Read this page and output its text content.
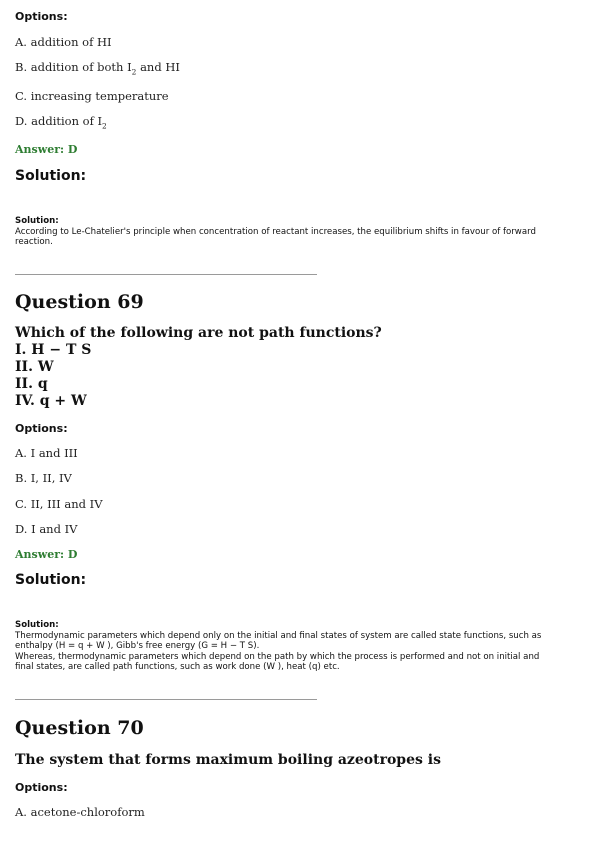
Options:
A. addition of HI
B. addition of both $I_2$ and HI
C. increasing temperature
D. addition of $I_2$
Answer: D
Solution:
Solution:
According to Le-Chatelier's principle when concentration of reactant increases, the equilibrium shifts in favour of forward
reaction.
Question 69
Which of the following are not path functions?
I. H − T S
II. W
II. q
IV. q + W
Options:
A. I and III
B. I, II, IV
C. II, III and IV
D. I and IV
Answer: D
Solution:
Solution:
Thermodynamic parameters which depend only on the initial and final states of system are called state functions, such as
enthalpy (H = q + W ), Gibb's free energy (G = H − T S).
Whereas, thermodynamic parameters which depend on the path by which the process is performed and not on initial and
final states, are called path functions, such as work done (W ), heat (q) etc.
Question 70
The system that forms maximum boiling azeotropes is
Options:
A. acetone-chloroform
